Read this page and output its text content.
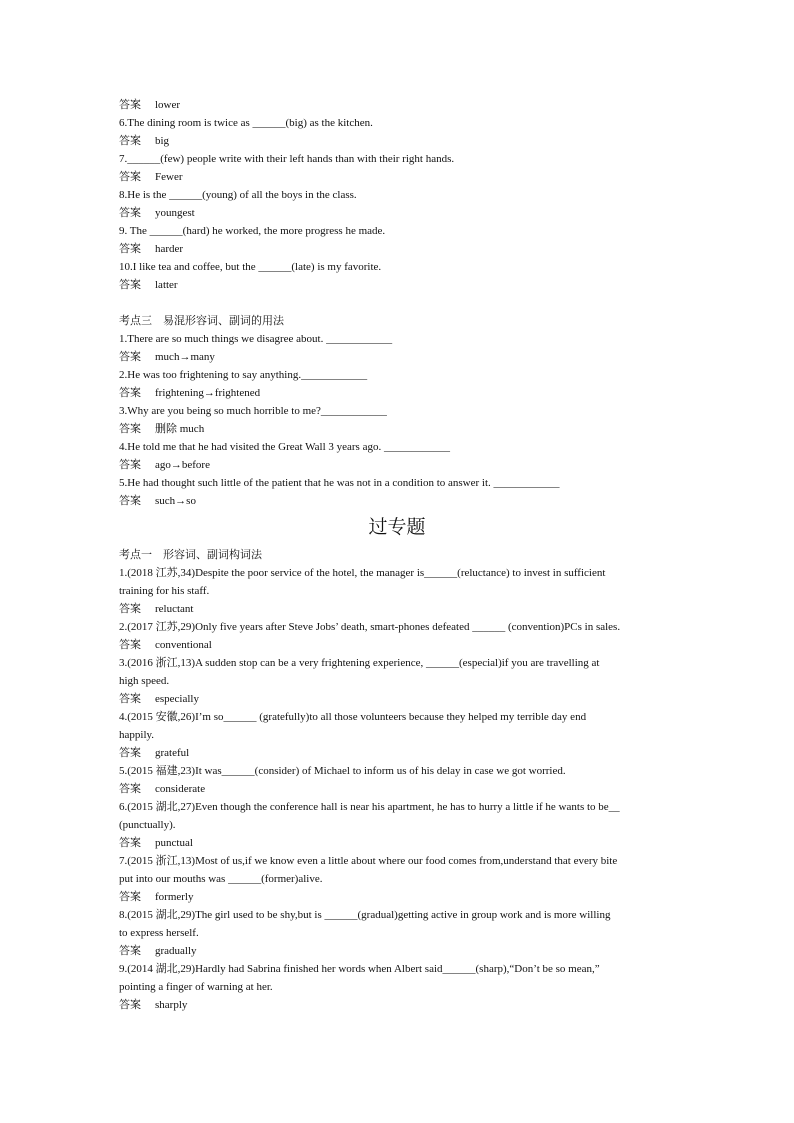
答案 lower
6.The dining room is twice as ______(big) as the kitchen.
答案 big
7.______(few) people write with their left hands than with their right hands.
答案 Fewer
8.He is the ______(young) of all the boys in the class.
答案 youngest
9. The ______(hard) he worked, the more progress he made.
答案 harder
10.I like tea and coffee, but the ______(late) is my favorite.
答案 latter
考点三　易混形容词、副词的用法
1.There are so much things we disagree about. ____________
答案 much→many
2.He was too frightening to say anything.____________
答案 frightening→frightened
3.Why are you being so much horrible to me?____________
答案 删除 much
4.He told me that he had visited the Great Wall 3 years ago. ____________
答案 ago→before
5.He had thought such little of the patient that he was not in a condition to answer it. ____________
答案 such→so
过专题
考点一　形容词、副词构词法
1.(2018 江苏,34)Despite the poor service of the hotel, the manager is______(reluctance) to invest in sufficient
training for his staff.
答案 reluctant
2.(2017 江苏,29)Only five years after Steve Jobs’ death, smart-phones defeated ______ (convention)PCs in sales.
答案 conventional
3.(2016 浙江,13)A sudden stop can be a very frightening experience, ______(especial)if you are travelling at
high speed.
答案 especially
4.(2015 安徽,26)I’m so______ (gratefully)to all those volunteers because they helped my terrible day end
happily.
答案 grateful
5.(2015 福建,23)It was______(consider) of Michael to inform us of his delay in case we got worried.
答案 considerate
6.(2015 湖北,27)Even though the conference hall is near his apartment, he has to hurry a little if he wants to be__
(punctually).
答案 punctual
7.(2015 浙江,13)Most of us,if we know even a little about where our food comes from,understand that every bite
put into our mouths was ______(former)alive.
答案 formerly
8.(2015 湖北,29)The girl used to be shy,but is ______(gradual)getting active in group work and is more willing
to express herself.
答案 gradually
9.(2014 湖北,29)Hardly had Sabrina finished her words when Albert said______(sharp),“Don’t be so mean,”
pointing a finger of warning at her.
答案 sharply
